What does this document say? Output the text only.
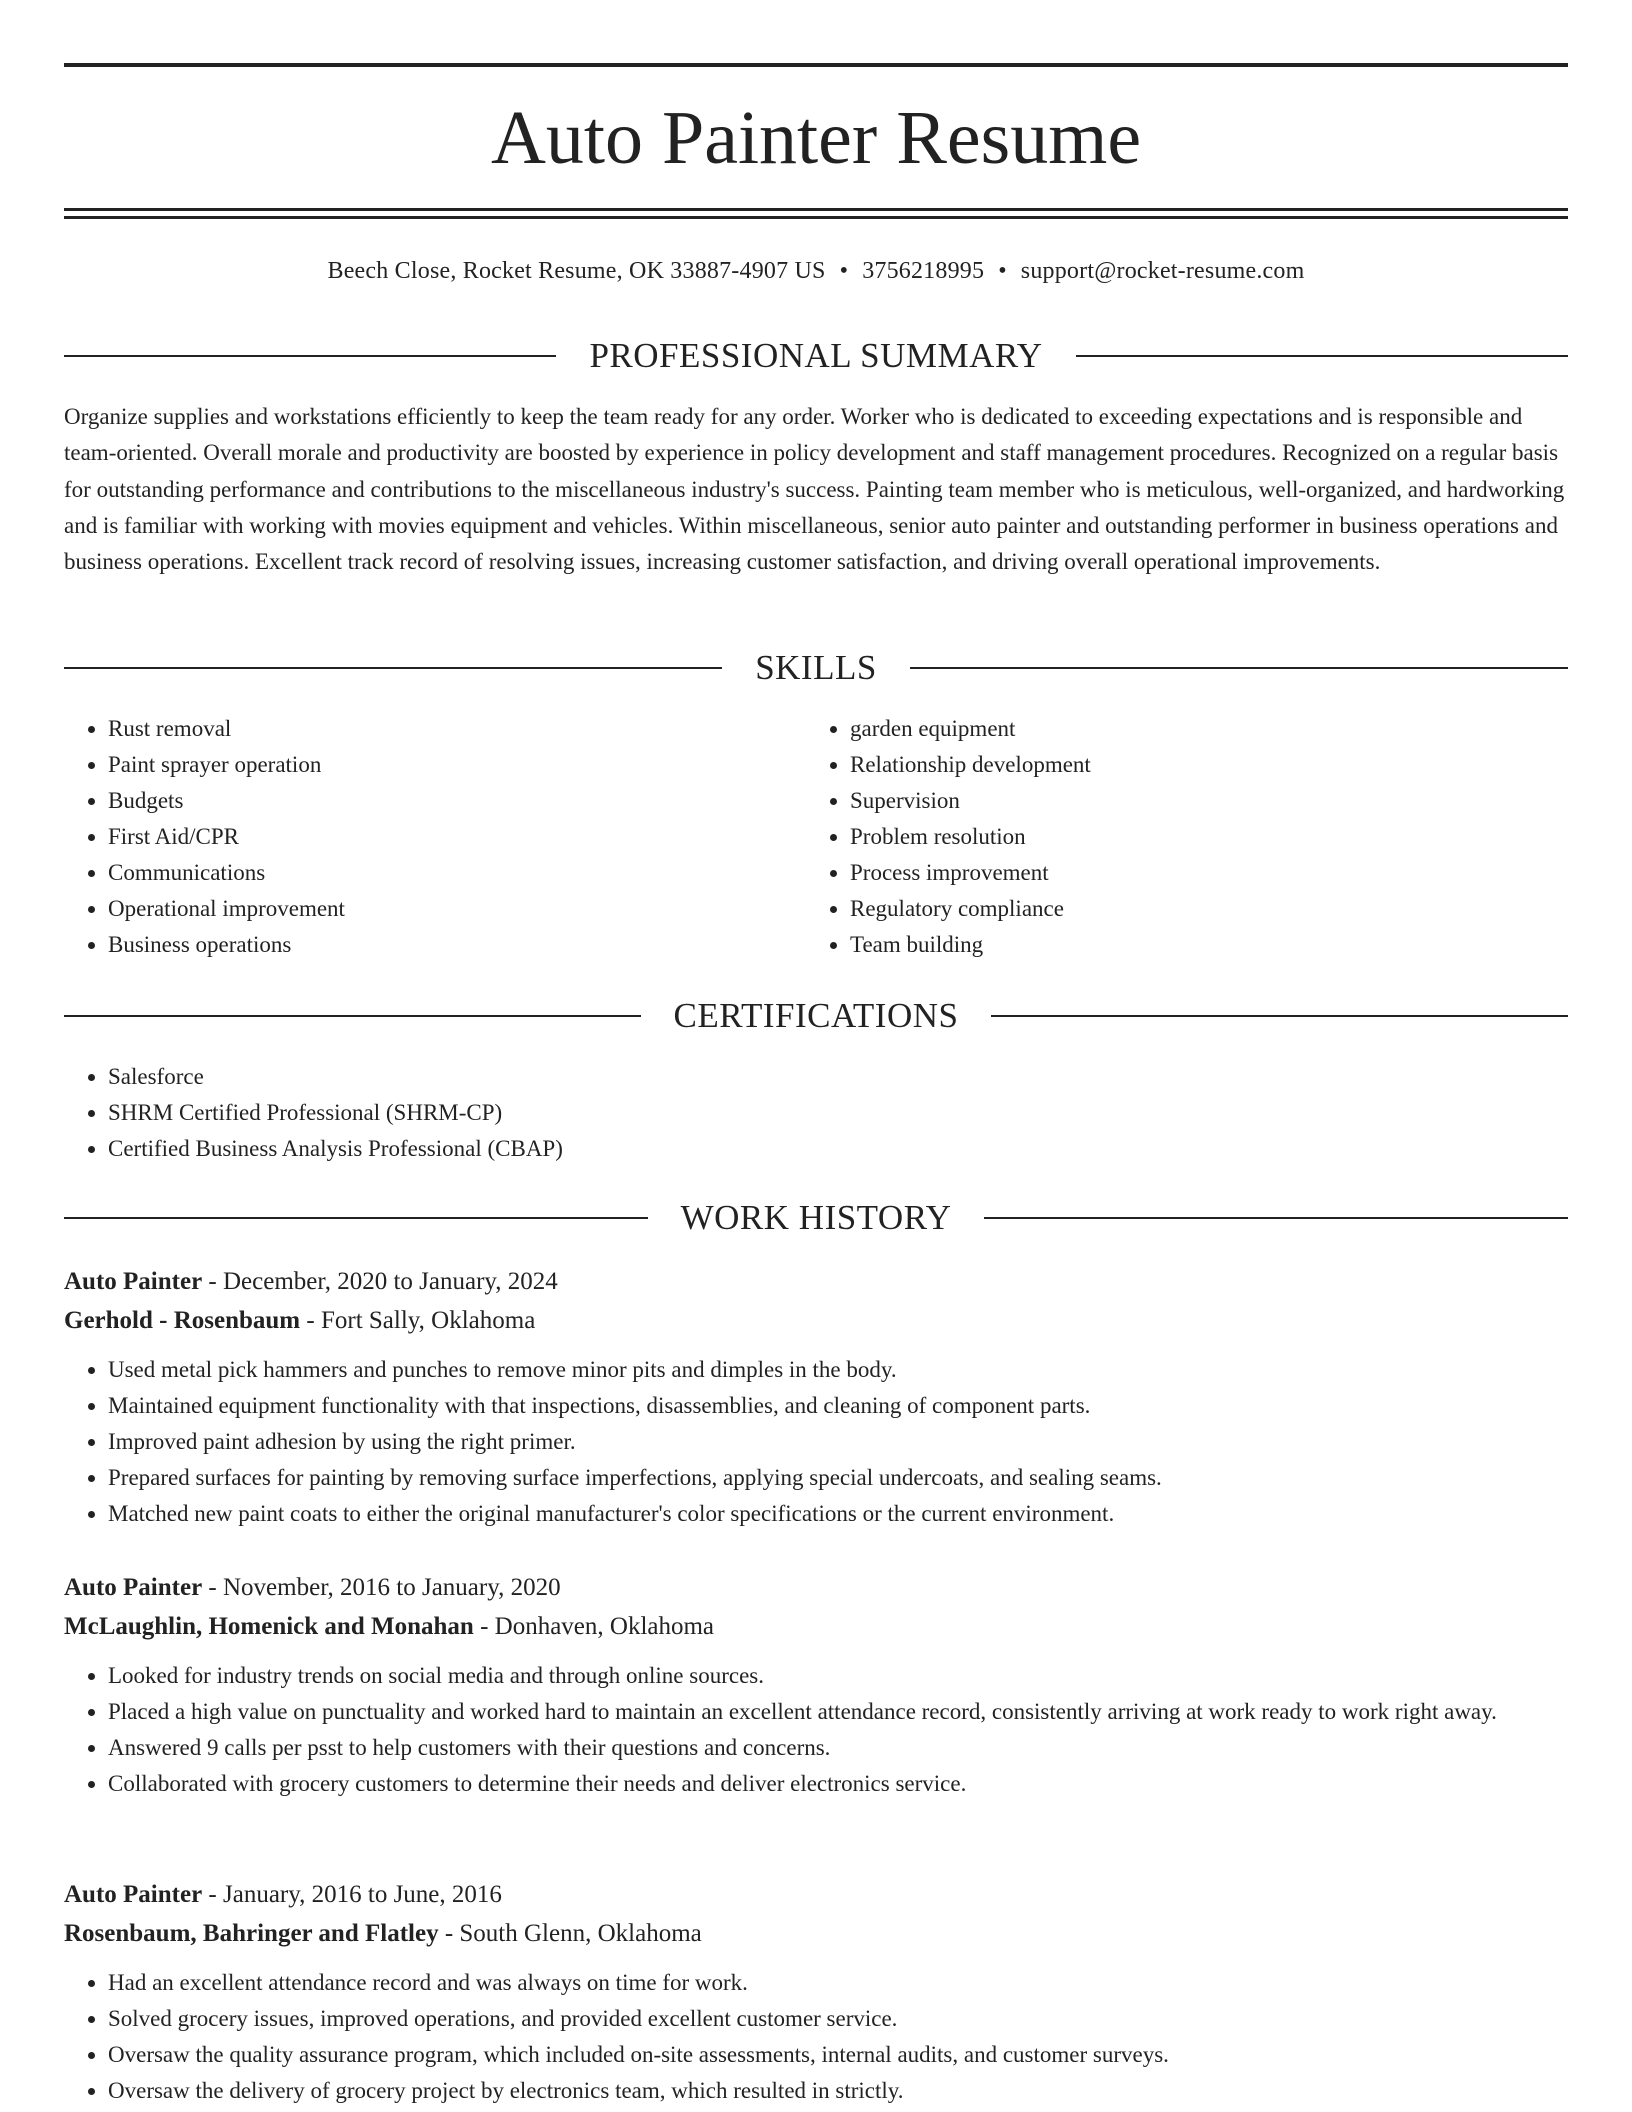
Auto Painter Resume
Beech Close, Rocket Resume, OK 33887-4907 US • 3756218995 • support@rocket-resume.com
PROFESSIONAL SUMMARY

Organize supplies and workstations efficiently to keep the team ready for any order. Worker who is dedicated to exceeding expectations and is responsible and team-oriented. Overall morale and productivity are boosted by experience in policy development and staff management procedures. Recognized on a regular basis for outstanding performance and contributions to the miscellaneous industry's success. Painting team member who is meticulous, well-organized, and hardworking and is familiar with working with movies equipment and vehicles. Within miscellaneous, senior auto painter and outstanding performer in business operations and business operations. Excellent track record of resolving issues, increasing customer satisfaction, and driving overall operational improvements.

SKILLS
• Rust removal
• Paint sprayer operation
• Budgets
• First Aid/CPR
• Communications
• Operational improvement
• Business operations
• garden equipment
• Relationship development
• Supervision
• Problem resolution
• Process improvement
• Regulatory compliance
• Team building
CERTIFICATIONS
• Salesforce
• SHRM Certified Professional (SHRM-CP)
• Certified Business Analysis Professional (CBAP)
WORK HISTORY
Auto Painter - December, 2020 to January, 2024
Gerhold - Rosenbaum - Fort Sally, Oklahoma
• Used metal pick hammers and punches to remove minor pits and dimples in the body.
• Maintained equipment functionality with that inspections, disassemblies, and cleaning of component parts.
• Improved paint adhesion by using the right primer.
• Prepared surfaces for painting by removing surface imperfections, applying special undercoats, and sealing seams.
• Matched new paint coats to either the original manufacturer's color specifications or the current environment.
Auto Painter - November, 2016 to January, 2020
McLaughlin, Homenick and Monahan - Donhaven, Oklahoma
• Looked for industry trends on social media and through online sources.
• Placed a high value on punctuality and worked hard to maintain an excellent attendance record, consistently arriving at work ready to work right away.
• Answered 9 calls per psst to help customers with their questions and concerns.
• Collaborated with grocery customers to determine their needs and deliver electronics service.
Auto Painter - January, 2016 to June, 2016
Rosenbaum, Bahringer and Flatley - South Glenn, Oklahoma
• Had an excellent attendance record and was always on time for work.
• Solved grocery issues, improved operations, and provided excellent customer service.
• Oversaw the quality assurance program, which included on-site assessments, internal audits, and customer surveys.
• Oversaw the delivery of grocery project by electronics team, which resulted in strictly.
